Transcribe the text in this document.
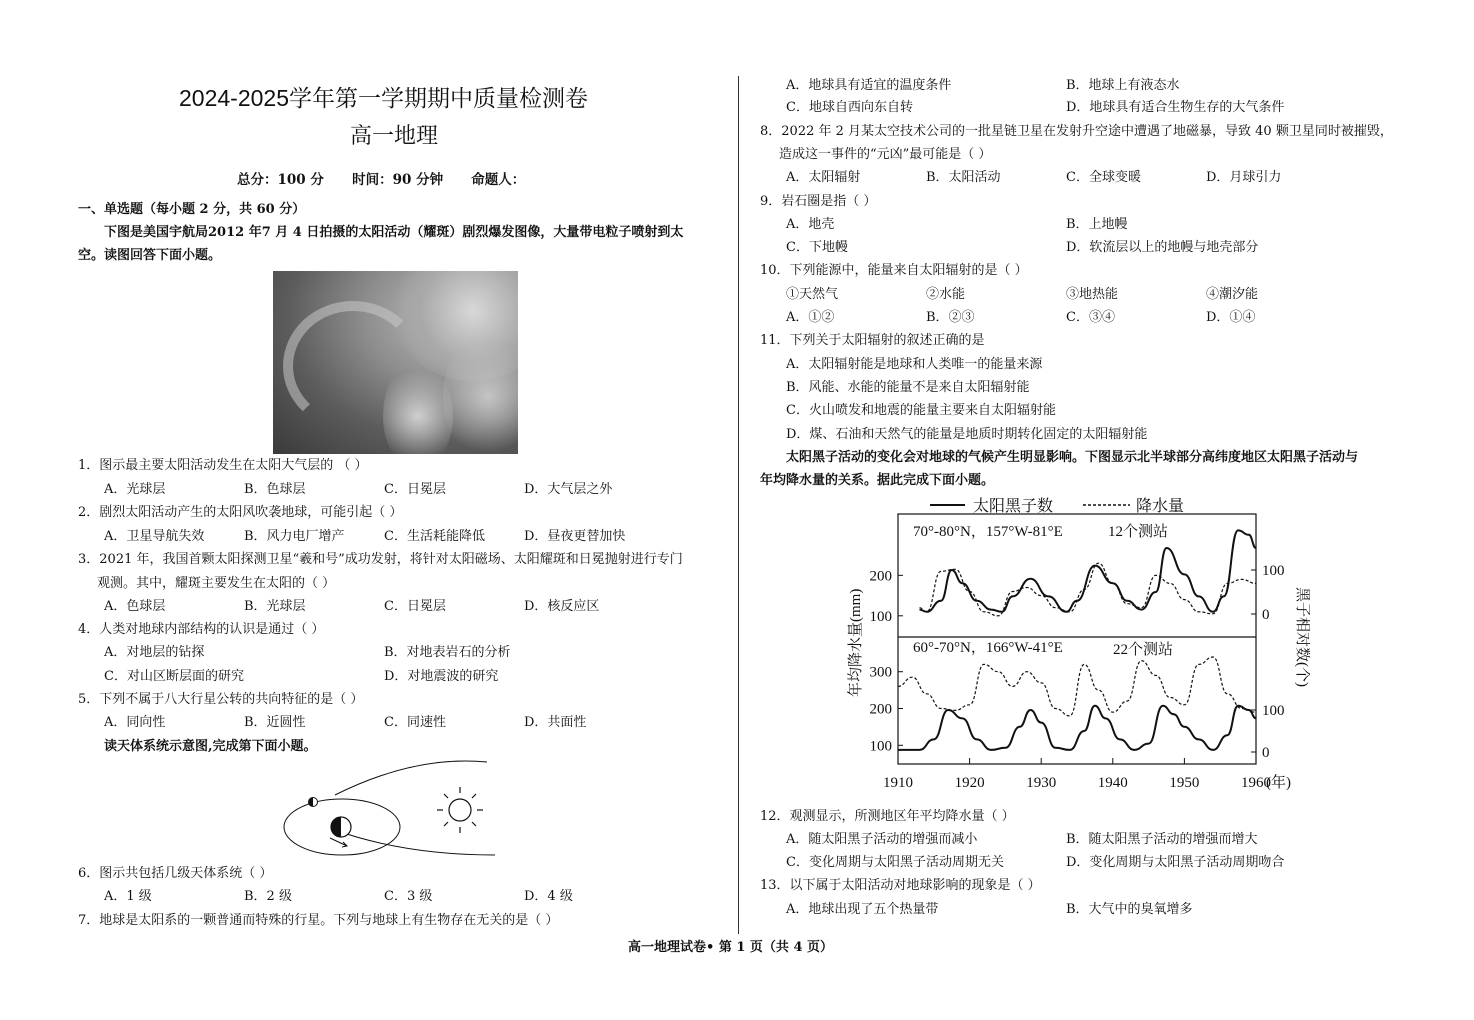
2024-2025学年第一学期期中质量检测卷
高一地理
总分：100 分      时间：90 分钟      命题人：
一、单选题（每小题 2 分，共 60 分）
下图是美国宇航局2012 年7 月 4 日拍摄的太阳活动（耀斑）剧烈爆发图像，大量带电粒子喷射到太
空。读图回答下面小题。
1．图示最主要太阳活动发生在太阳大气层的 （ ）
A．光球层	B．色球层	C．日冕层	D．大气层之外
2．剧烈太阳活动产生的太阳风吹袭地球，可能引起（ ）
A．卫星导航失效	B．风力电厂增产	C．生活耗能降低	D．昼夜更替加快
3．2021 年，我国首颗太阳探测卫星“羲和号”成功发射，将针对太阳磁场、太阳耀斑和日冕抛射进行专门
观测。其中，耀斑主要发生在太阳的（ ）
A．色球层	B．光球层	C．日冕层	D．核反应区
4．人类对地球内部结构的认识是通过（ ）
A．对地层的钻探	B．对地表岩石的分析
C．对山区断层面的研究	D．对地震波的研究
5．下列不属于八大行星公转的共向特征的是（ ）
A．同向性	B．近圆性	C．同速性	D．共面性
读天体系统示意图,完成第下面小题。
6．图示共包括几级天体系统（ ）
A．1 级	B．2 级	C．3 级	D．4 级
7．地球是太阳系的一颗普通而特殊的行星。下列与地球上有生物存在无关的是（ ）
A．地球具有适宜的温度条件	B．地球上有液态水
C．地球自西向东自转	D．地球具有适合生物生存的大气条件
8．2022 年 2 月某太空技术公司的一批星链卫星在发射升空途中遭遇了地磁暴，导致 40 颗卫星同时被摧毁，
造成这一事件的“元凶”最可能是（ ）
A．太阳辐射	B．太阳活动	C．全球变暖	D．月球引力
9．岩石圈是指（ ）
A．地壳	B．上地幔
C．下地幔	D．软流层以上的地幔与地壳部分
10．下列能源中，能量来自太阳辐射的是（ ）
①天然气	②水能	③地热能	④潮汐能
A．①②	B．②③	C．③④	D．①④
11．下列关于太阳辐射的叙述正确的是
A．太阳辐射能是地球和人类唯一的能量来源
B．风能、水能的能量不是来自太阳辐射能
C．火山喷发和地震的能量主要来自太阳辐射能
D．煤、石油和天然气的能量是地质时期转化固定的太阳辐射能
太阳黑子活动的变化会对地球的气候产生明显影响。下图显示北半球部分高纬度地区太阳黑子活动与
年均降水量的关系。据此完成下面小题。
太阳黑子数	降水量
70°-80°N，157°W-81°E	12个测站
60°-70°N，166°W-41°E	22个测站
年均降水量(mm)	黑子相对数(个)
1910	1920	1930	1940	1950	1960
200
100
100
0
300
200
100
100
0
(年)
12．观测显示，所测地区年平均降水量（ ）
A．随太阳黑子活动的增强而减小	B．随太阳黑子活动的增强而增大
C．变化周期与太阳黑子活动周期无关	D．变化周期与太阳黑子活动周期吻合
13．以下属于太阳活动对地球影响的现象是（ ）
A．地球出现了五个热量带	B．大气中的臭氧增多
高一地理试卷• 第 1 页（共 4 页）
